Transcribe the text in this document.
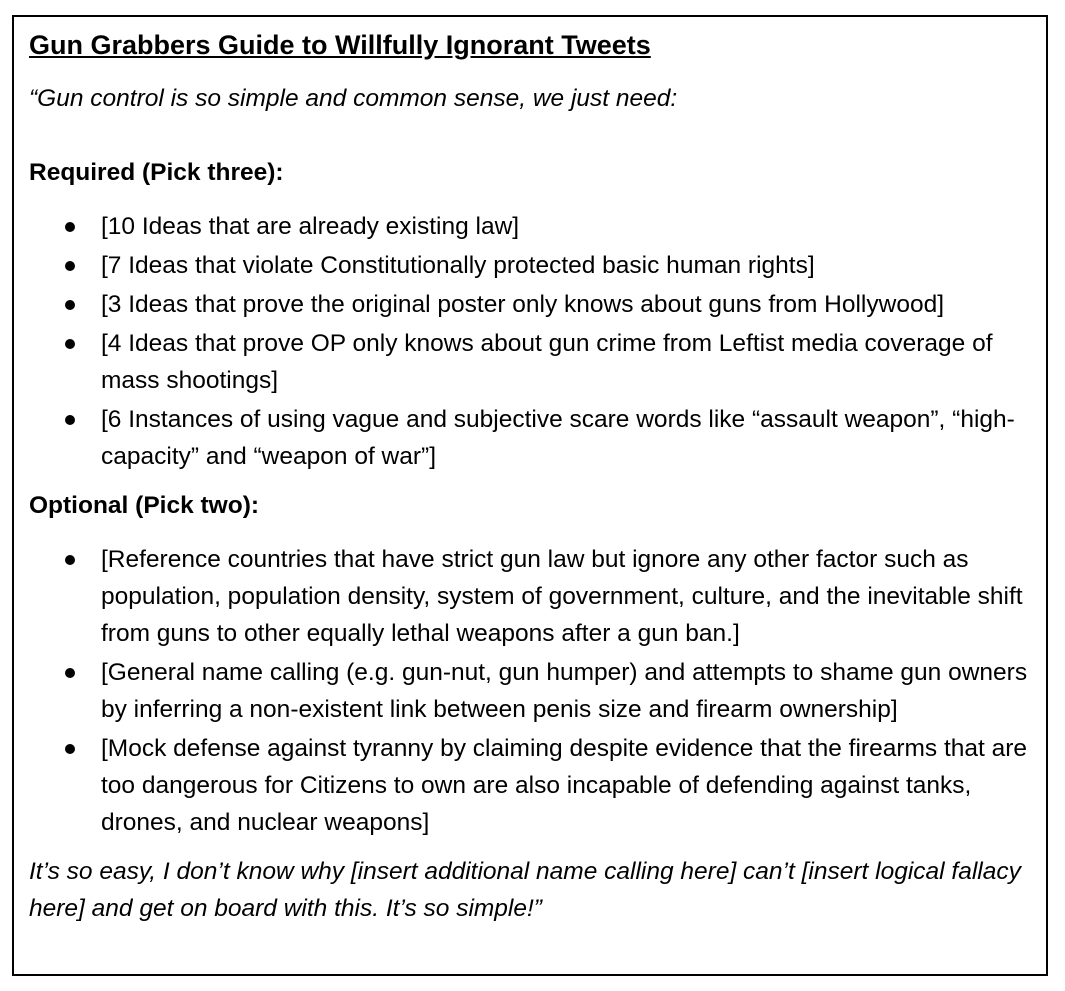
Gun Grabbers Guide to Willfully Ignorant Tweets

“Gun control is so simple and common sense, we just need:

Required (Pick three):

[10 Ideas that are already existing law]
[7 Ideas that violate Constitutionally protected basic human rights]
[3 Ideas that prove the original poster only knows about guns from Hollywood]
[4 Ideas that prove OP only knows about gun crime from Leftist media coverage of mass shootings]
[6 Instances of using vague and subjective scare words like “assault weapon”, “high-capacity” and “weapon of war”]

Optional (Pick two):

[Reference countries that have strict gun law but ignore any other factor such as population, population density, system of government, culture, and the inevitable shift from guns to other equally lethal weapons after a gun ban.]
[General name calling (e.g. gun-nut, gun humper) and attempts to shame gun owners by inferring a non-existent link between penis size and firearm ownership]
[Mock defense against tyranny by claiming despite evidence that the firearms that are too dangerous for Citizens to own are also incapable of defending against tanks, drones, and nuclear weapons]

It’s so easy, I don’t know why [insert additional name calling here] can’t [insert logical fallacy here] and get on board with this. It’s so simple!”
